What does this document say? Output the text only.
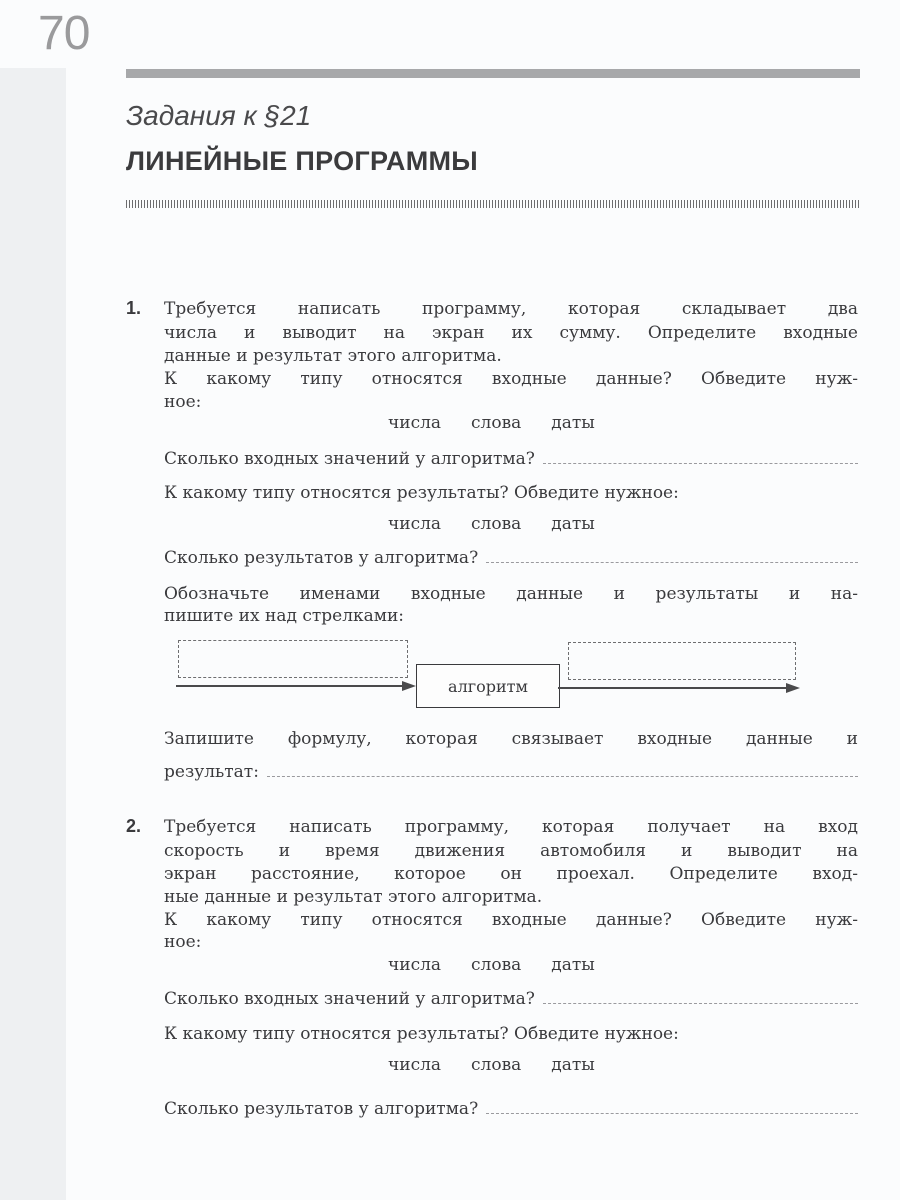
70
Задания к §21
ЛИНЕЙНЫЕ ПРОГРАММЫ
1. Требуется написать программу, которая складывает два
числа и выводит на экран их сумму. Определите входные
данные и результат этого алгоритма.
К какому типу относятся входные данные? Обведите нуж-
ное:
числа слова даты
Сколько входных значений у алгоритма?
К какому типу относятся результаты? Обведите нужное:
числа слова даты
Сколько результатов у алгоритма?
Обозначьте именами входные данные и результаты и на-
пишите их над стрелками:
алгоритм
Запишите формулу, которая связывает входные данные и
результат:
2. Требуется написать программу, которая получает на вход
скорость и время движения автомобиля и выводит на
экран расстояние, которое он проехал. Определите вход-
ные данные и результат этого алгоритма.
К какому типу относятся входные данные? Обведите нуж-
ное:
числа слова даты
Сколько входных значений у алгоритма?
К какому типу относятся результаты? Обведите нужное:
числа слова даты
Сколько результатов у алгоритма?
